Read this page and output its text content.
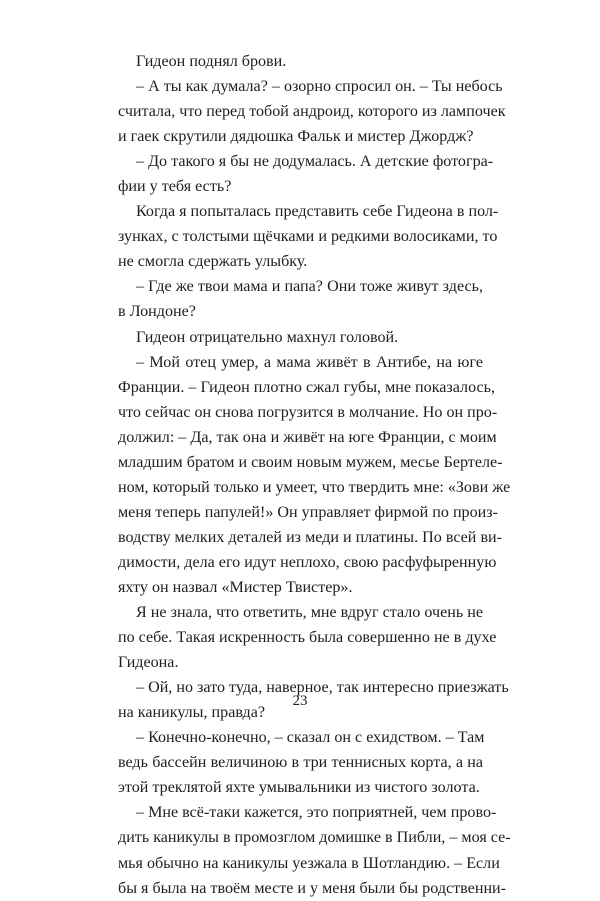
Гидеон поднял брови.
– А ты как думала? – озорно спросил он. – Ты небось
считала, что перед тобой андроид, которого из лампочек
и гаек скрутили дядюшка Фальк и мистер Джордж?
– До такого я бы не додумалась. А детские фотогра-
фии у тебя есть?
Когда я попыталась представить себе Гидеона в пол-
зунках, с толстыми щёчками и редкими волосиками, то
не смогла сдержать улыбку.
– Где же твои мама и папа? Они тоже живут здесь,
в Лондоне?
Гидеон отрицательно махнул головой.
– Мой отец умер, а мама живёт в Антибе, на юге
Франции. – Гидеон плотно сжал губы, мне показалось,
что сейчас он снова погрузится в молчание. Но он про-
должил: – Да, так она и живёт на юге Франции, с моим
младшим братом и своим новым мужем, месье Бертеле-
ном, который только и умеет, что твердить мне: «Зови же
меня теперь папулей!» Он управляет фирмой по произ-
водству мелких деталей из меди и платины. По всей ви-
димости, дела его идут неплохо, свою расфуфыренную
яхту он назвал «Мистер Твистер».
Я не знала, что ответить, мне вдруг стало очень не
по себе. Такая искренность была совершенно не в духе
Гидеона.
– Ой, но зато туда, наверное, так интересно приезжать
на каникулы, правда?
– Конечно-конечно, – сказал он с ехидством. – Там
ведь бассейн величиною в три теннисных корта, а на
этой треклятой яхте умывальники из чистого золота.
– Мне всё-таки кажется, это поприятней, чем прово-
дить каникулы в промозглом домишке в Пибли, – моя се-
мья обычно на каникулы уезжала в Шотландию. – Если
бы я была на твоём месте и у меня были бы родственни-
23
